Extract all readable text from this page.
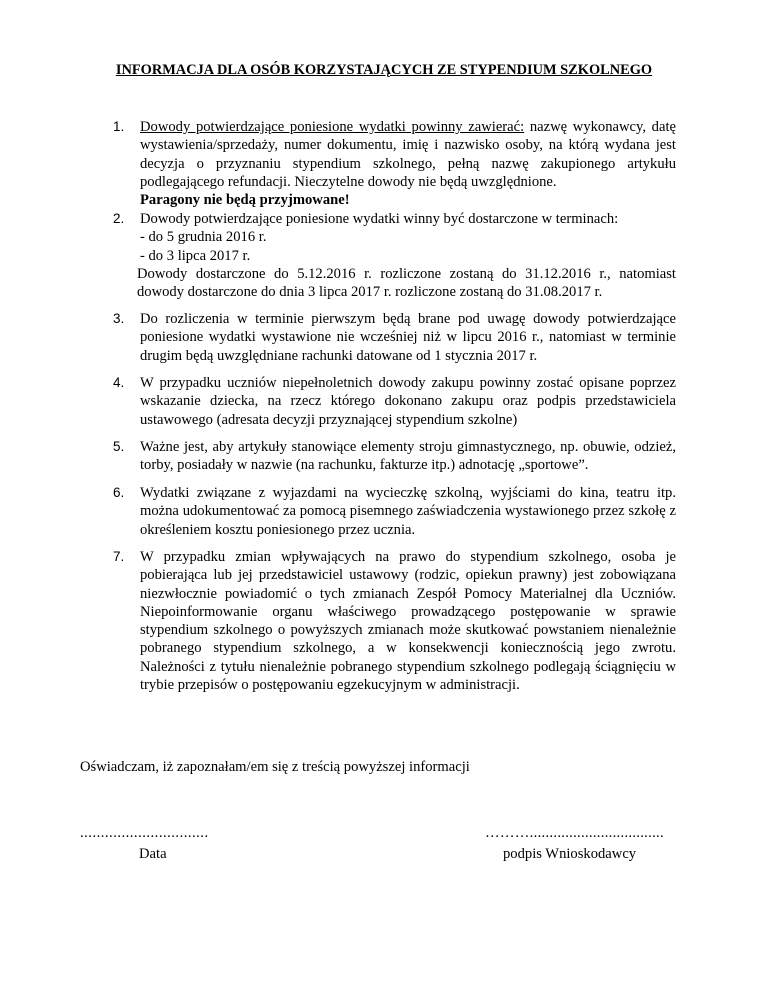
INFORMACJA DLA OSÓB KORZYSTAJĄCYCH ZE STYPENDIUM SZKOLNEGO
1.	Dowody potwierdzające poniesione wydatki powinny zawierać: nazwę wykonawcy, datę wystawienia/sprzedaży, numer dokumentu, imię i nazwisko osoby, na którą wydana jest decyzja o przyznaniu stypendium szkolnego, pełną nazwę zakupionego artykułu podlegającego refundacji. Nieczytelne dowody nie będą uwzględnione.
Paragony nie będą przyjmowane!
2.	Dowody potwierdzające poniesione wydatki winny być dostarczone w terminach:
- do 5 grudnia 2016 r.
- do 3 lipca 2017 r.
Dowody dostarczone do 5.12.2016 r. rozliczone zostaną do 31.12.2016 r., natomiast dowody dostarczone do dnia 3 lipca 2017 r. rozliczone zostaną do 31.08.2017 r.
3.	Do rozliczenia w terminie pierwszym będą brane pod uwagę dowody potwierdzające poniesione wydatki wystawione nie wcześniej niż w lipcu 2016 r., natomiast w terminie drugim będą uwzględniane rachunki datowane od 1 stycznia 2017 r.
4.	W przypadku uczniów niepełnoletnich dowody zakupu powinny zostać opisane poprzez wskazanie dziecka, na rzecz którego dokonano zakupu oraz podpis przedstawiciela ustawowego (adresata decyzji przyznającej stypendium szkolne)
5.	Ważne jest, aby artykuły stanowiące elementy stroju gimnastycznego, np. obuwie, odzież, torby, posiadały w nazwie (na rachunku, fakturze itp.) adnotację „sportowe”.
6.	Wydatki związane z wyjazdami na wycieczkę szkolną, wyjściami do kina, teatru itp. można udokumentować za pomocą pisemnego zaświadczenia wystawionego przez szkołę z określeniem kosztu poniesionego przez ucznia.
7.	W przypadku zmian wpływających na prawo do stypendium szkolnego, osoba je pobierająca lub jej przedstawiciel ustawowy (rodzic, opiekun prawny) jest zobowiązana niezwłocznie powiadomić o tych zmianach Zespół Pomocy Materialnej dla Uczniów. Niepoinformowanie organu właściwego prowadzącego postępowanie w sprawie stypendium szkolnego o powyższych zmianach może skutkować powstaniem nienależnie pobranego stypendium szkolnego, a w konsekwencji koniecznością jego zwrotu. Należności z tytułu nienależnie pobranego stypendium szkolnego podlegają ściągnięciu w trybie przepisów o postępowaniu egzekucyjnym w administracji.
Oświadczam, iż zapoznałam/em się z treścią powyższej informacji
...............................
Data
………..................................
podpis Wnioskodawcy
